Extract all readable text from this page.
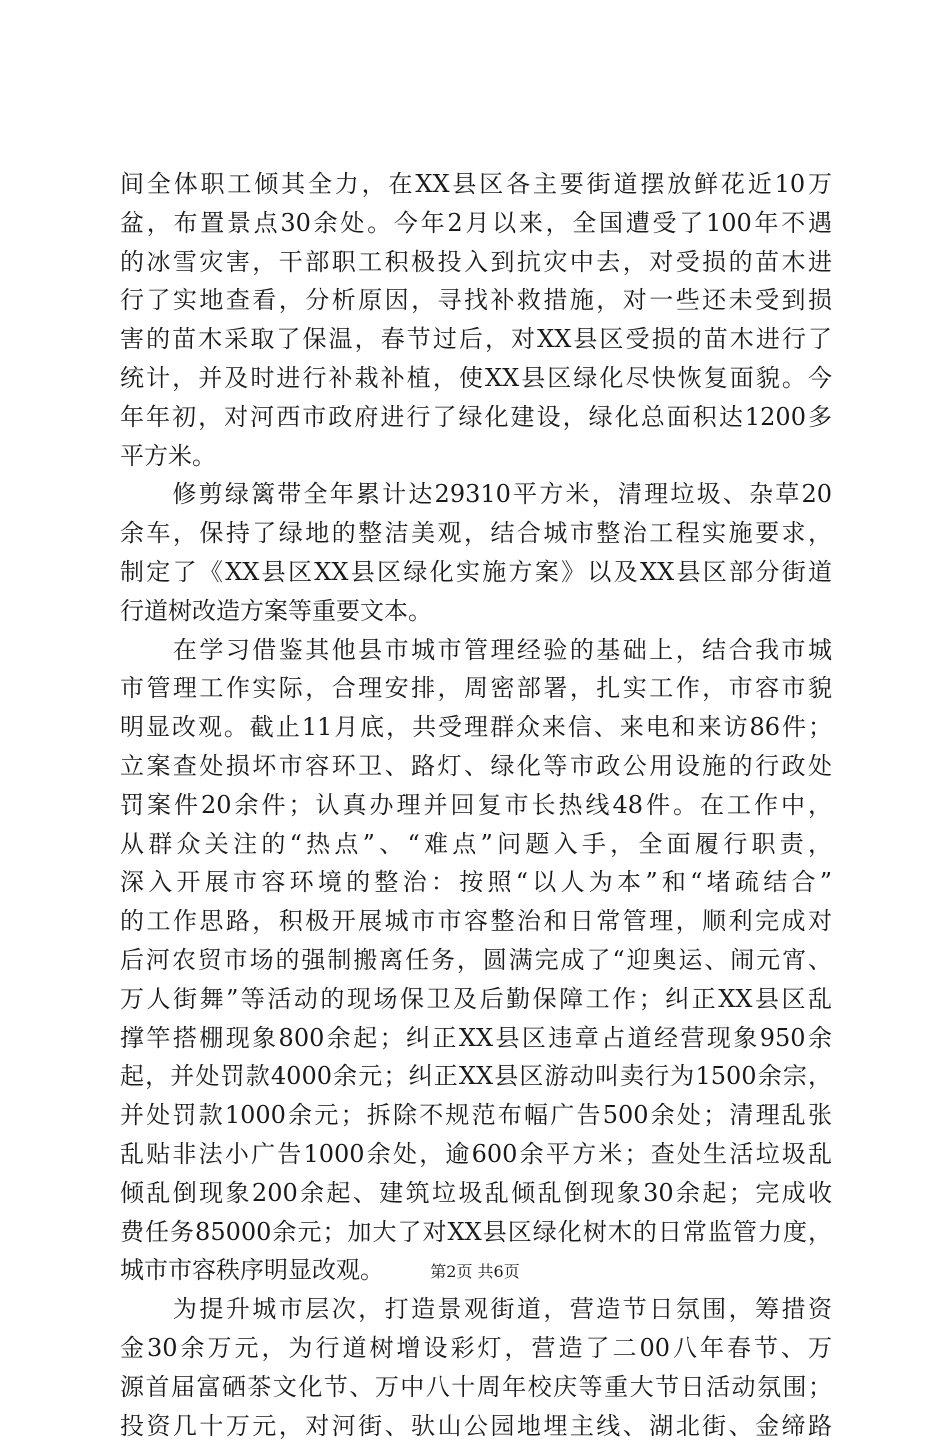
间全体职工倾其全力，在XX县区各主要街道摆放鲜花近10万
盆，布置景点30余处。今年2月以来，全国遭受了100年不遇
的冰雪灾害，干部职工积极投入到抗灾中去，对受损的苗木进
行了实地查看，分析原因，寻找补救措施，对一些还未受到损
害的苗木采取了保温，春节过后，对XX县区受损的苗木进行了
统计，并及时进行补栽补植，使XX县区绿化尽快恢复面貌。今
年年初，对河西市政府进行了绿化建设，绿化总面积达1200多
平方米。
　　修剪绿篱带全年累计达29310平方米，清理垃圾、杂草20
余车，保持了绿地的整洁美观，结合城市整治工程实施要求，
制定了《XX县区XX县区绿化实施方案》以及XX县区部分街道
行道树改造方案等重要文本。
　　在学习借鉴其他县市城市管理经验的基础上，结合我市城
市管理工作实际，合理安排，周密部署，扎实工作，市容市貌
明显改观。截止11月底，共受理群众来信、来电和来访86件；
立案查处损坏市容环卫、路灯、绿化等市政公用设施的行政处
罚案件20余件；认真办理并回复市长热线48件。在工作中，
从群众关注的“热点”、“难点”问题入手，全面履行职责，
深入开展市容环境的整治：按照“以人为本”和“堵疏结合”
的工作思路，积极开展城市市容整治和日常管理，顺利完成对
后河农贸市场的强制搬离任务，圆满完成了“迎奥运、闹元宵、
万人街舞”等活动的现场保卫及后勤保障工作；纠正XX县区乱
撑竿搭棚现象800余起；纠正XX县区违章占道经营现象950余
起，并处罚款4000余元；纠正XX县区游动叫卖行为1500余宗，
并处罚款1000余元；拆除不规范布幅广告500余处；清理乱张
乱贴非法小广告1000余处，逾600余平方米；查处生活垃圾乱
倾乱倒现象200余起、建筑垃圾乱倾乱倒现象30余起；完成收
费任务85000余元；加大了对XX县区绿化树木的日常监管力度，
城市市容秩序明显改观。
　　为提升城市层次，打造景观街道，营造节日氛围，筹措资
金30余万元，为行道树增设彩灯，营造了二00八年春节、万
源首届富硒茶文化节、万中八十周年校庆等重大节日活动氛围；
投资几十万元，对河街、驮山公园地埋主线、湖北街、金缔路
第2页 共6页
